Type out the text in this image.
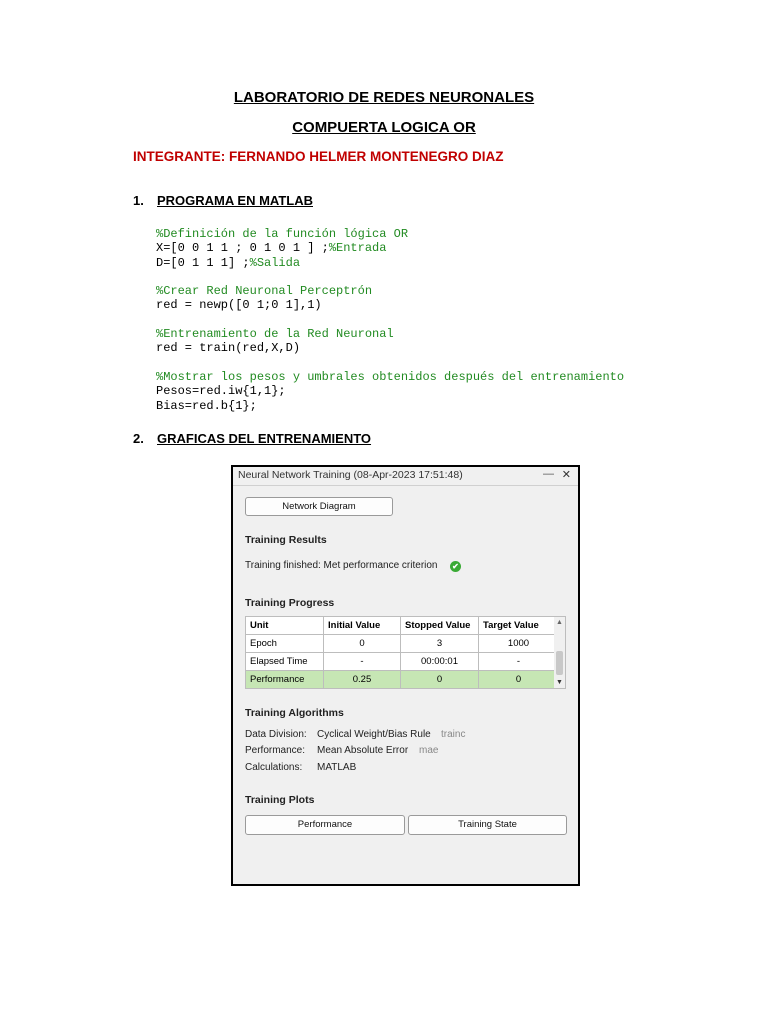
LABORATORIO DE REDES NEURONALES
COMPUERTA LOGICA OR
INTEGRANTE: FERNANDO HELMER MONTENEGRO DIAZ
1. PROGRAMA EN MATLAB
%Definición de la función lógica OR
X=[0 0 1 1 ; 0 1 0 1 ] ;%Entrada
D=[0 1 1 1] ;%Salida

%Crear Red Neuronal Perceptrón
red = newp([0 1;0 1],1)

%Entrenamiento de la Red Neuronal
red = train(red,X,D)

%Mostrar los pesos y umbrales obtenidos después del entrenamiento
Pesos=red.iw{1,1};
Bias=red.b{1};
2. GRAFICAS DEL ENTRENAMIENTO
Neural Network Training (08-Apr-2023 17:51:48)	— ✕
Network Diagram
Training Results
Training finished: Met performance criterion ✔
Training Progress
Unit	Initial Value	Stopped Value	Target Value
Epoch	0	3	1000
Elapsed Time	-	00:00:01	-
Performance	0.25	0	0
▲
▼
Training Algorithms
Data Division: Cyclical Weight/Bias Rule trainc
Performance: Mean Absolute Error mae
Calculations: MATLAB
Training Plots
Performance	Training State
